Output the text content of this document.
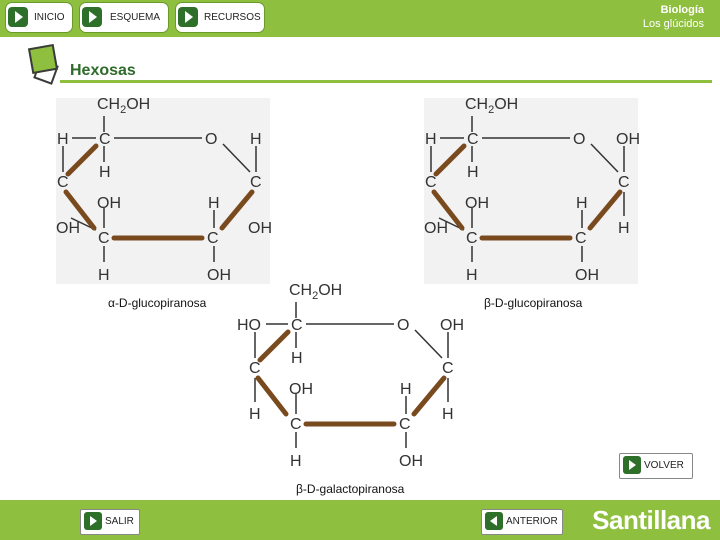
INICIO	ESQUEMA	RECURSOS
Biología
Los glúcidos
Hexosas
$CH_2OH$
H C	O H
H
C	C
OH	H
OH	OH
C	C
H	OH
α-D-glucopiranosa
$CH_2OH$
H C	O OH
H
C	C
OH	H
OH	H
C	C
H	OH
β-D-glucopiranosa
$CH_2OH$
HO C	O OH
H
C	C
OH	H
H	H
C	C
H	OH
β-D-galactopiranosa
VOLVER
SALIR	ANTERIOR Santillana
